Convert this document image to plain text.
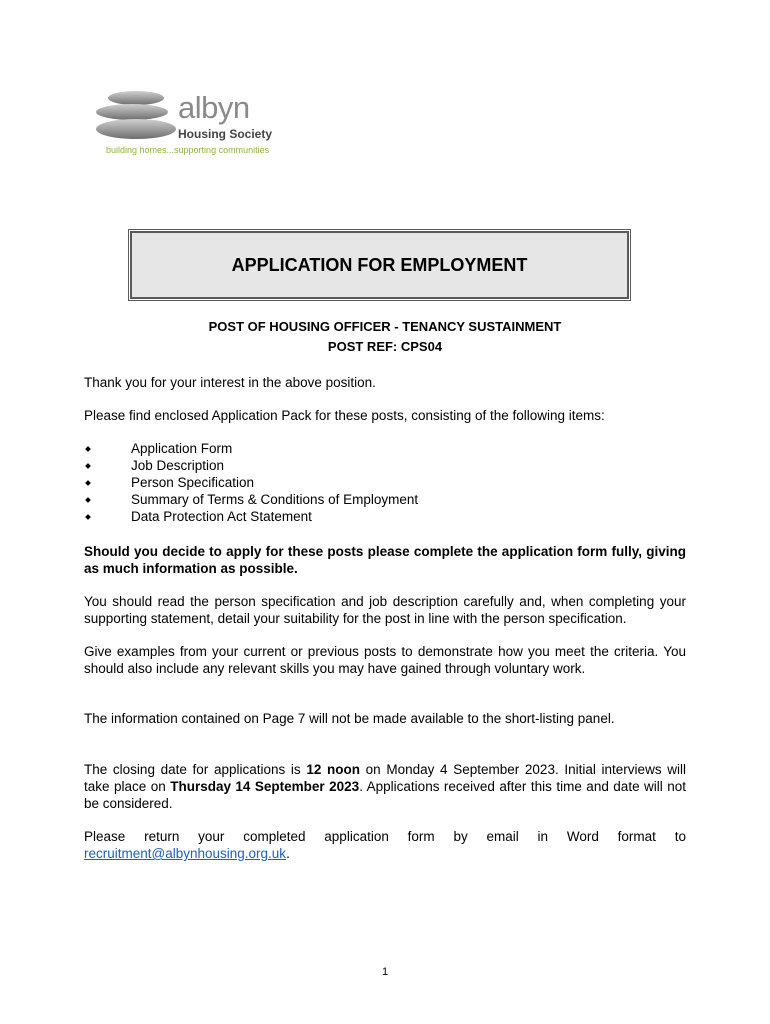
albyn
Housing Society
building homes...supporting communities
APPLICATION FOR EMPLOYMENT
POST OF HOUSING OFFICER - TENANCY SUSTAINMENT
POST REF: CPS04

Thank you for your interest in the above position.

Please find enclosed Application Pack for these posts, consisting of the following items:

Application Form
Job Description
Person Specification
Summary of Terms & Conditions of Employment
Data Protection Act Statement

Should you decide to apply for these posts please complete the application form fully, giving as much information as possible.

You should read the person specification and job description carefully and, when completing your supporting statement, detail your suitability for the post in line with the person specification.

Give examples from your current or previous posts to demonstrate how you meet the criteria. You should also include any relevant skills you may have gained through voluntary work.

The information contained on Page 7 will not be made available to the short-listing panel.

The closing date for applications is 12 noon on Monday 4 September 2023. Initial interviews will take place on Thursday 14 September 2023. Applications received after this time and date will not be considered.

Please return your completed application form by email in Word format to recruitment@albynhousing.org.uk.

1
